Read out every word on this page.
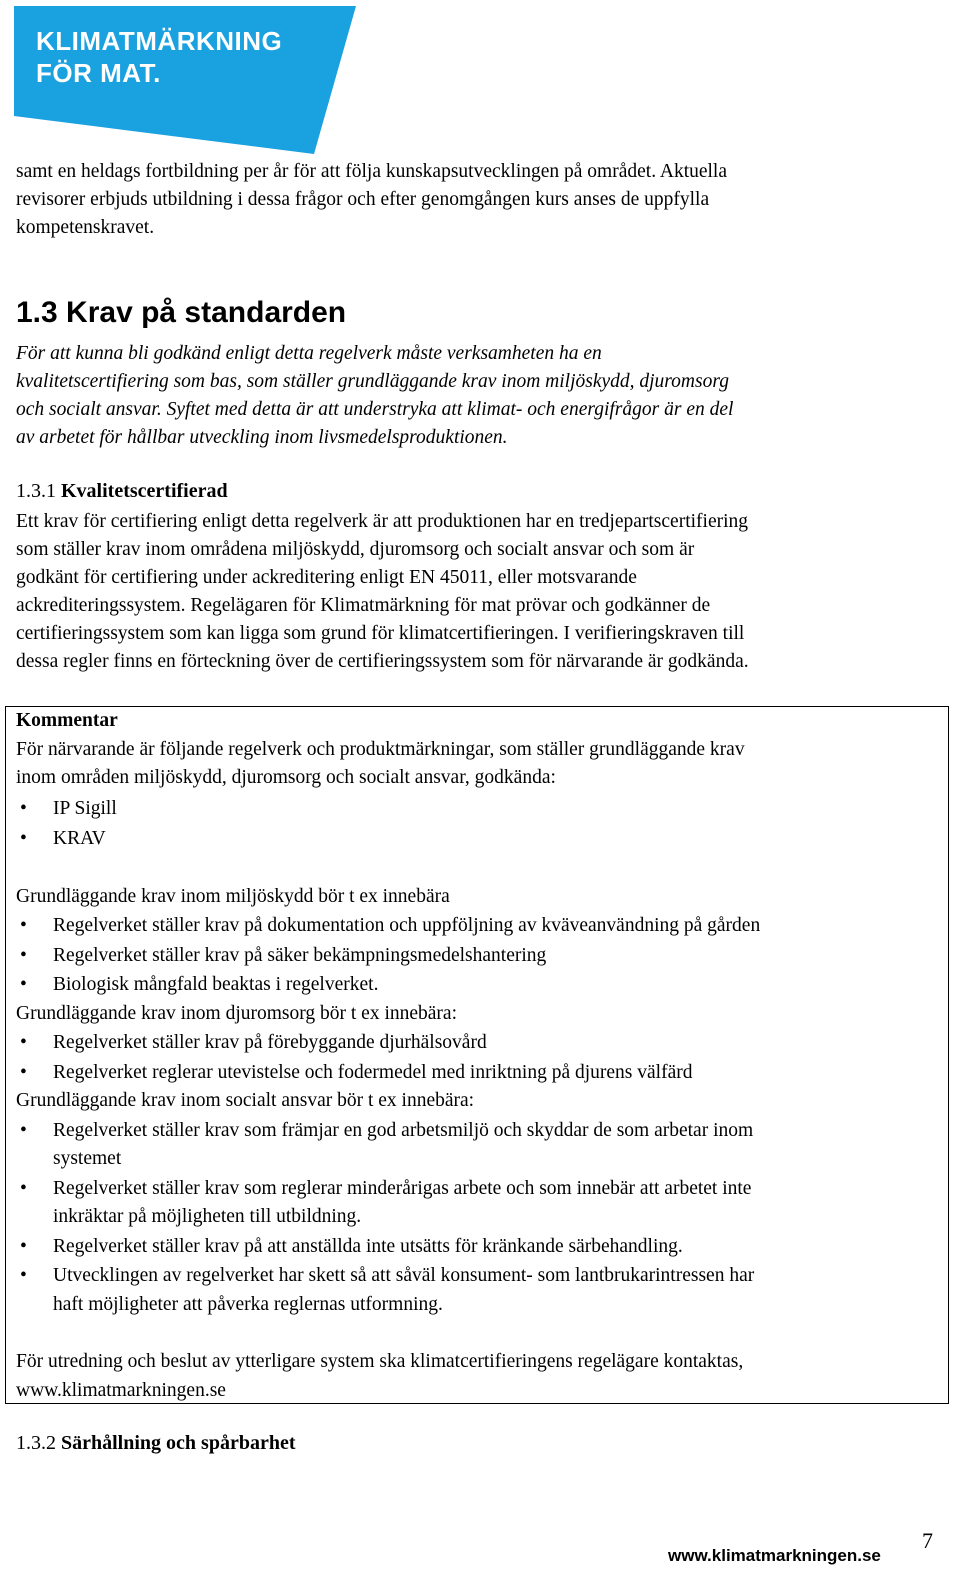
KLIMATMÄRKNING
FÖR MAT.
samt en heldags fortbildning per år för att följa kunskapsutvecklingen på området. Aktuella
revisorer erbjuds utbildning i dessa frågor och efter genomgången kurs anses de uppfylla
kompetenskravet.
1.3 Krav på standarden
För att kunna bli godkänd enligt detta regelverk måste verksamheten ha en
kvalitetscertifiering som bas, som ställer grundläggande krav inom miljöskydd, djuromsorg
och socialt ansvar. Syftet med detta är att understryka att klimat- och energifrågor är en del
av arbetet för hållbar utveckling inom livsmedelsproduktionen.
1.3.1 Kvalitetscertifierad
Ett krav för certifiering enligt detta regelverk är att produktionen har en tredjepartscertifiering
som ställer krav inom områdena miljöskydd, djuromsorg och socialt ansvar och som är
godkänt för certifiering under ackreditering enligt EN 45011, eller motsvarande
ackrediteringssystem. Regelägaren för Klimatmärkning för mat prövar och godkänner de
certifieringssystem som kan ligga som grund för klimatcertifieringen. I verifieringskraven till
dessa regler finns en förteckning över de certifieringssystem som för närvarande är godkända.
Kommentar
För närvarande är följande regelverk och produktmärkningar, som ställer grundläggande krav
inom områden miljöskydd, djuromsorg och socialt ansvar, godkända:
• IP Sigill
• KRAV
Grundläggande krav inom miljöskydd bör t ex innebära
• Regelverket ställer krav på dokumentation och uppföljning av kväveanvändning på gården
• Regelverket ställer krav på säker bekämpningsmedelshantering
• Biologisk mångfald beaktas i regelverket.
Grundläggande krav inom djuromsorg bör t ex innebära:
• Regelverket ställer krav på förebyggande djurhälsovård
• Regelverket reglerar utevistelse och fodermedel med inriktning på djurens välfärd
Grundläggande krav inom socialt ansvar bör t ex innebära:
• Regelverket ställer krav som främjar en god arbetsmiljö och skyddar de som arbetar inom
systemet
• Regelverket ställer krav som reglerar minderårigas arbete och som innebär att arbetet inte
inkräktar på möjligheten till utbildning.
• Regelverket ställer krav på att anställda inte utsätts för kränkande särbehandling.
• Utvecklingen av regelverket har skett så att såväl konsument- som lantbrukarintressen har
haft möjligheter att påverka reglernas utformning.
För utredning och beslut av ytterligare system ska klimatcertifieringens regelägare kontaktas,
www.klimatmarkningen.se
1.3.2 Särhållning och spårbarhet
7
www.klimatmarkningen.se
